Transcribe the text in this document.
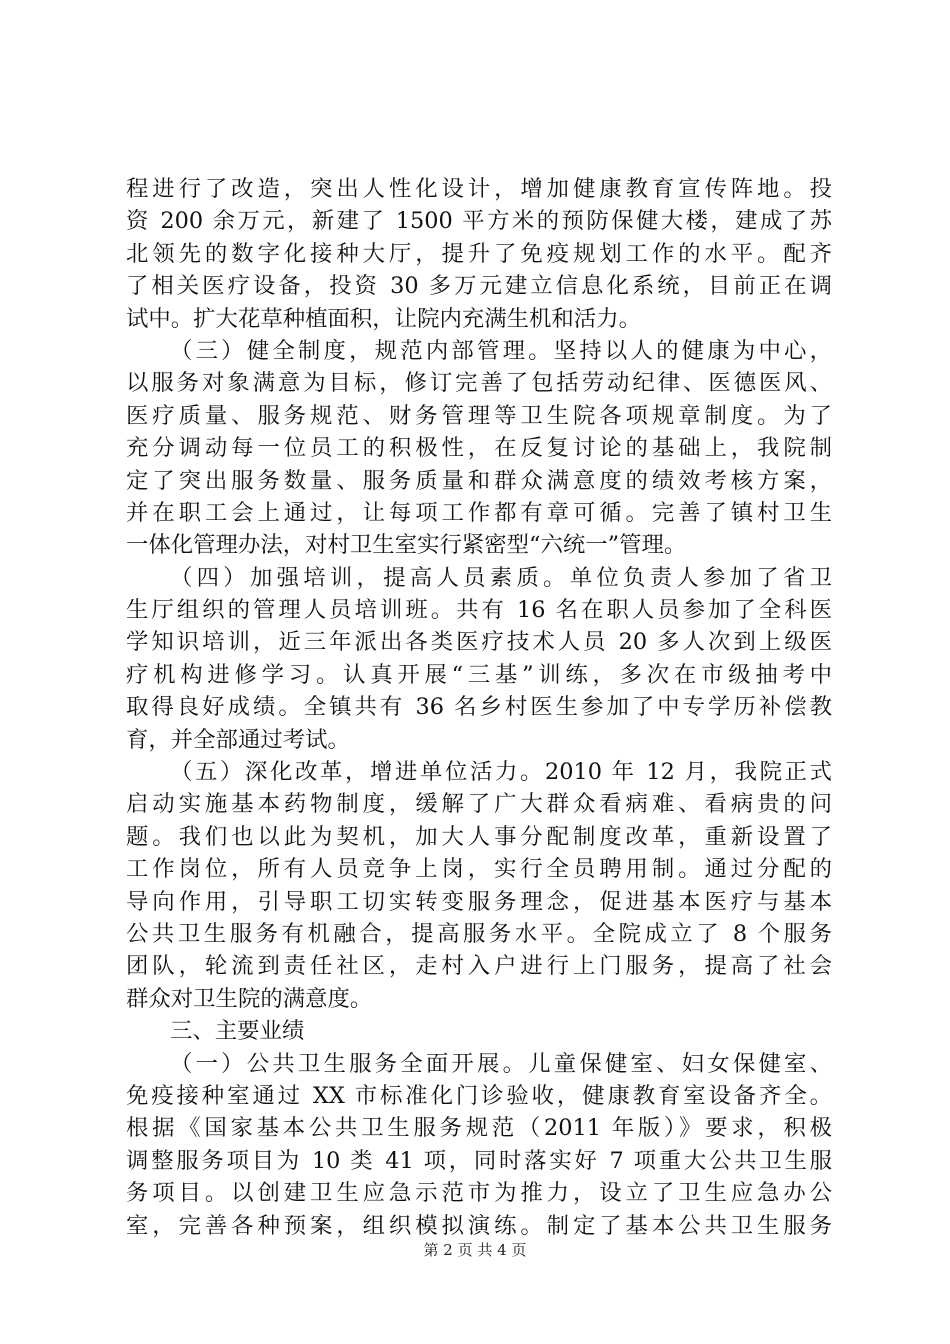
程进行了改造，突出人性化设计，增加健康教育宣传阵地。投
资 200 余万元，新建了 1500 平方米的预防保健大楼，建成了苏
北领先的数字化接种大厅，提升了免疫规划工作的水平。配齐
了相关医疗设备，投资 30 多万元建立信息化系统，目前正在调
试中。扩大花草种植面积，让院内充满生机和活力。
（三）健全制度，规范内部管理。坚持以人的健康为中心，
以服务对象满意为目标，修订完善了包括劳动纪律、医德医风、
医疗质量、服务规范、财务管理等卫生院各项规章制度。为了
充分调动每一位员工的积极性，在反复讨论的基础上，我院制
定了突出服务数量、服务质量和群众满意度的绩效考核方案，
并在职工会上通过，让每项工作都有章可循。完善了镇村卫生
一体化管理办法，对村卫生室实行紧密型“六统一”管理。
（四）加强培训，提高人员素质。单位负责人参加了省卫
生厅组织的管理人员培训班。共有 16 名在职人员参加了全科医
学知识培训，近三年派出各类医疗技术人员 20 多人次到上级医
疗机构进修学习。认真开展“三基”训练，多次在市级抽考中
取得良好成绩。全镇共有 36 名乡村医生参加了中专学历补偿教
育，并全部通过考试。
（五）深化改革，增进单位活力。2010 年 12 月，我院正式
启动实施基本药物制度，缓解了广大群众看病难、看病贵的问
题。我们也以此为契机，加大人事分配制度改革，重新设置了
工作岗位，所有人员竞争上岗，实行全员聘用制。通过分配的
导向作用，引导职工切实转变服务理念，促进基本医疗与基本
公共卫生服务有机融合，提高服务水平。全院成立了 8 个服务
团队，轮流到责任社区，走村入户进行上门服务，提高了社会
群众对卫生院的满意度。
三、主要业绩
（一）公共卫生服务全面开展。儿童保健室、妇女保健室、
免疫接种室通过 XX 市标准化门诊验收，健康教育室设备齐全。
根据《国家基本公共卫生服务规范（2011 年版）》要求，积极
调整服务项目为 10 类 41 项，同时落实好 7 项重大公共卫生服
务项目。以创建卫生应急示范市为推力，设立了卫生应急办公
室，完善各种预案，组织模拟演练。制定了基本公共卫生服务
第 2 页 共 4 页
